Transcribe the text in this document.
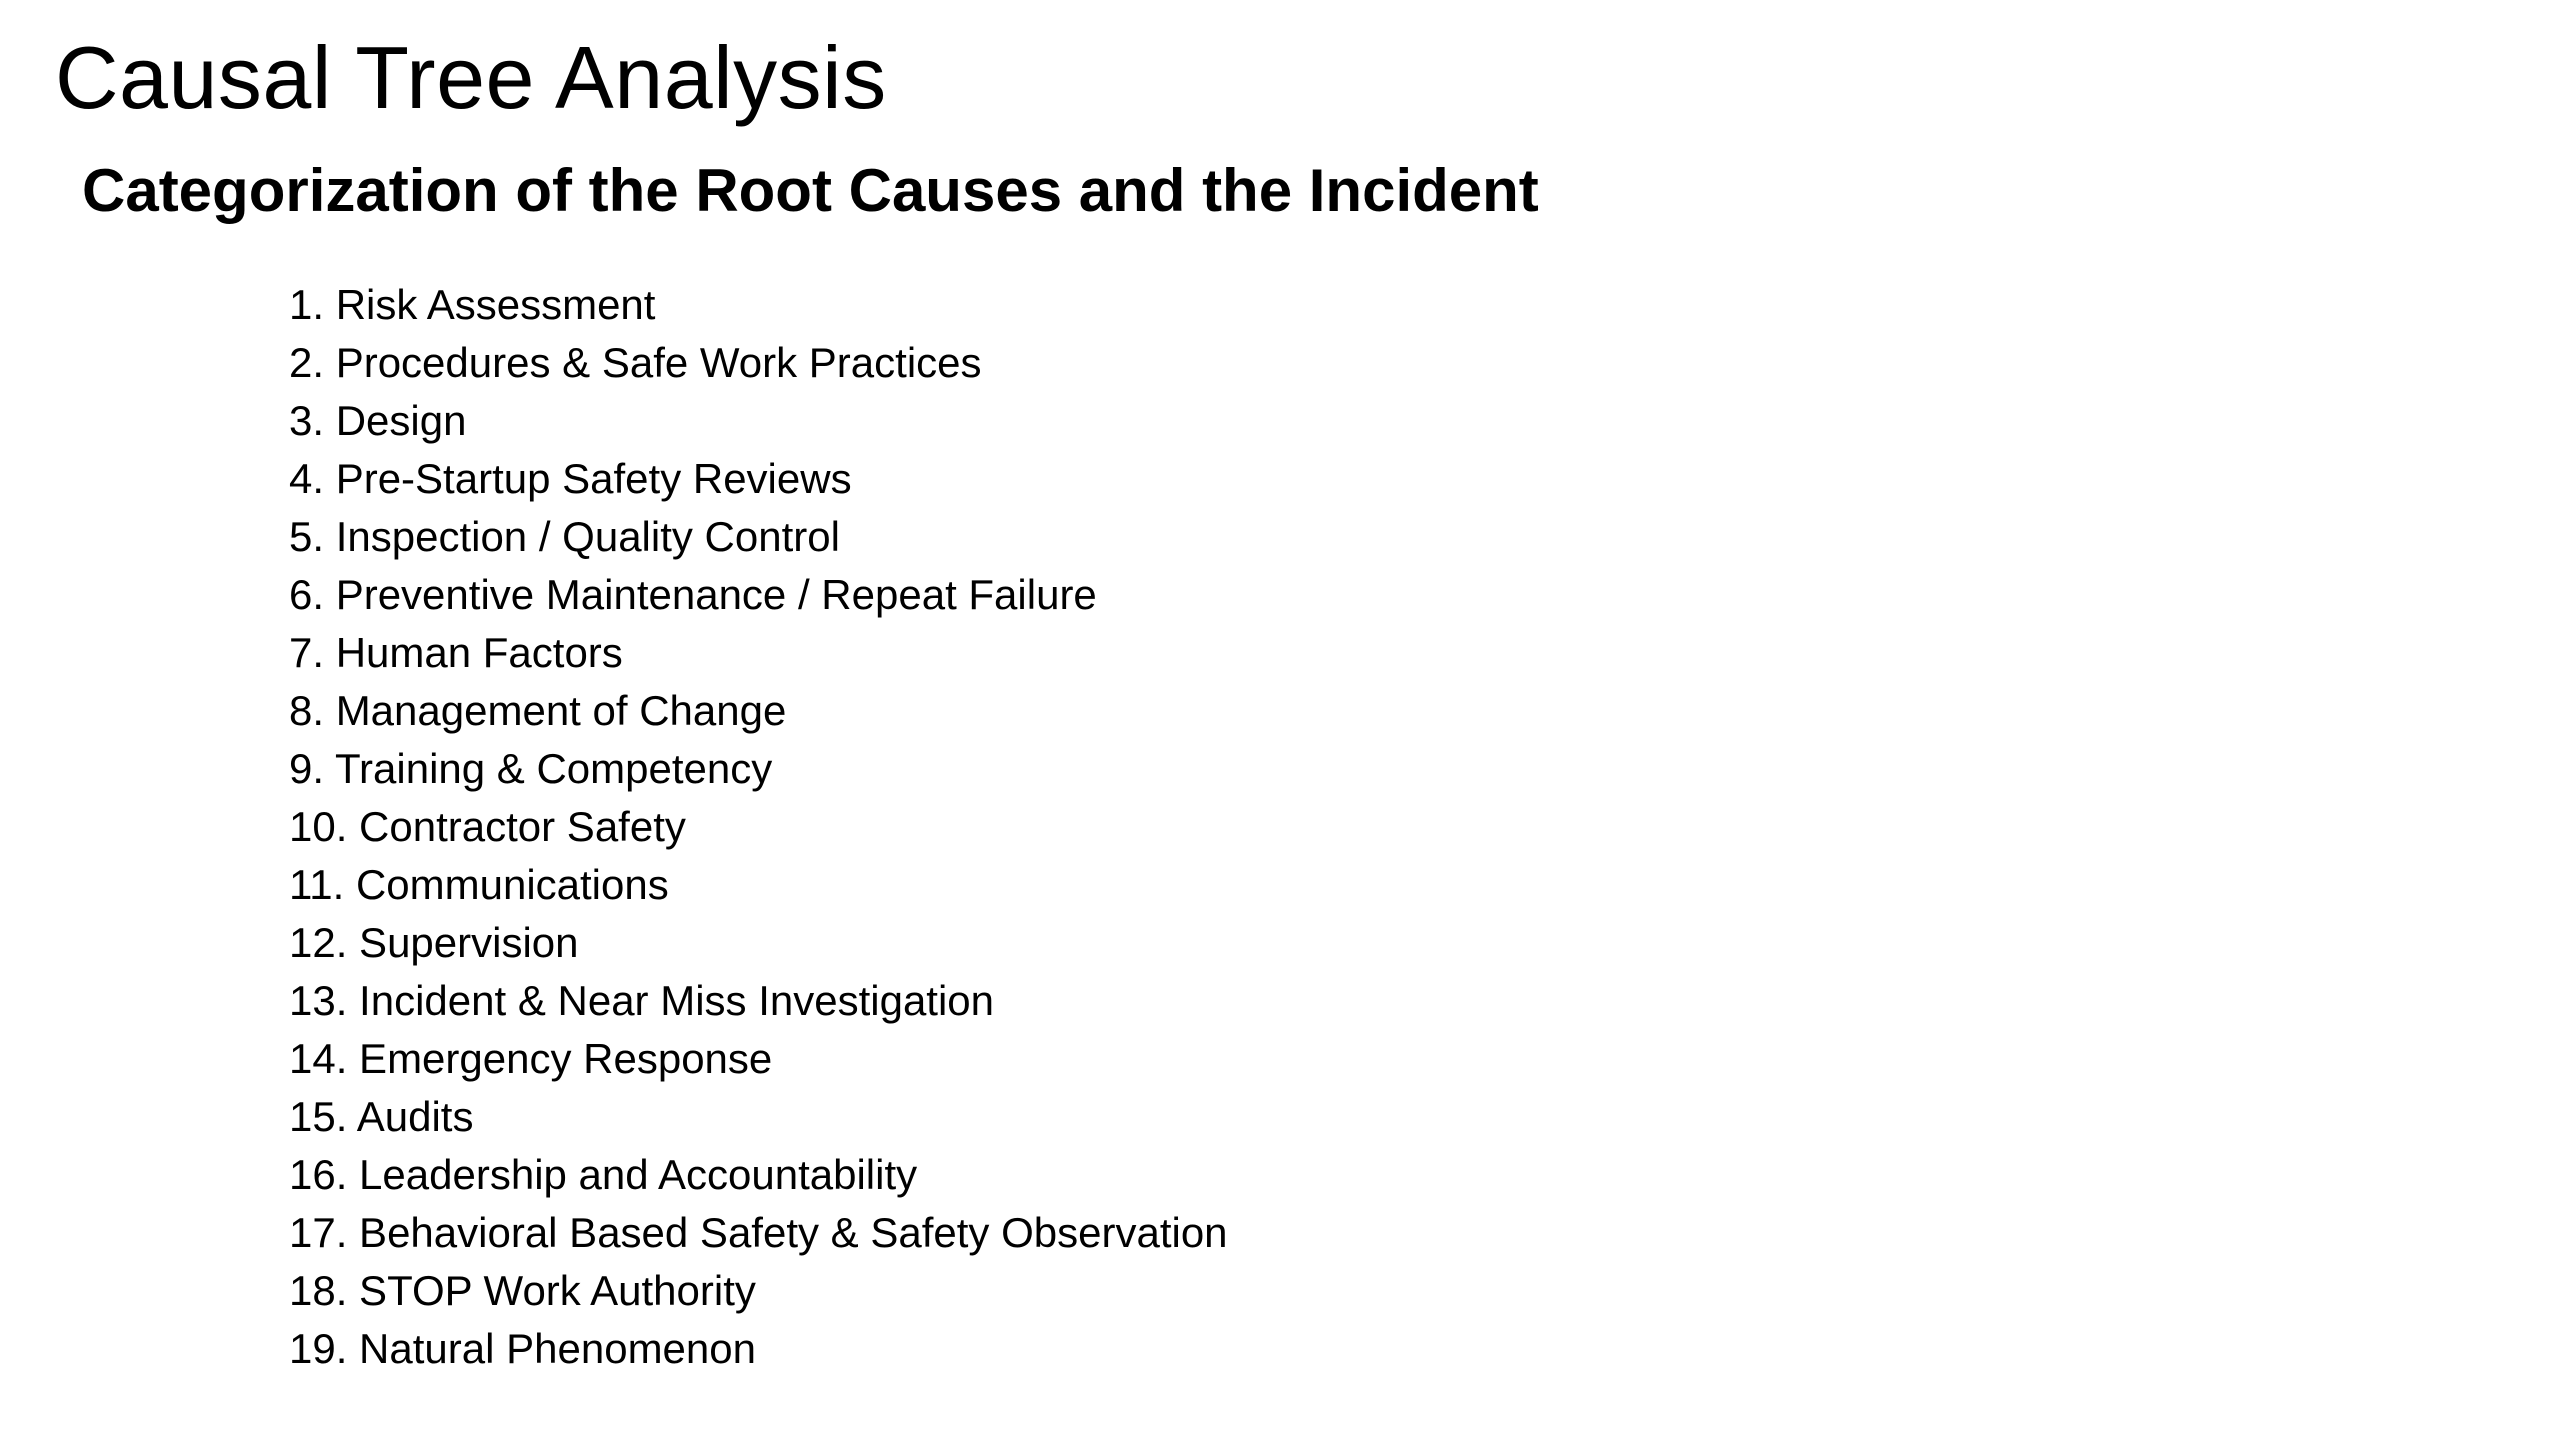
Causal Tree Analysis
Categorization of the Root Causes and the Incident
1. Risk Assessment
2. Procedures & Safe Work Practices
3. Design
4. Pre-Startup Safety Reviews
5. Inspection / Quality Control
6. Preventive Maintenance / Repeat Failure
7. Human Factors
8. Management of Change
9. Training & Competency
10. Contractor Safety
11. Communications
12. Supervision
13. Incident & Near Miss Investigation
14. Emergency Response
15. Audits
16. Leadership and Accountability
17. Behavioral Based Safety & Safety Observation
18. STOP Work Authority
19. Natural Phenomenon
